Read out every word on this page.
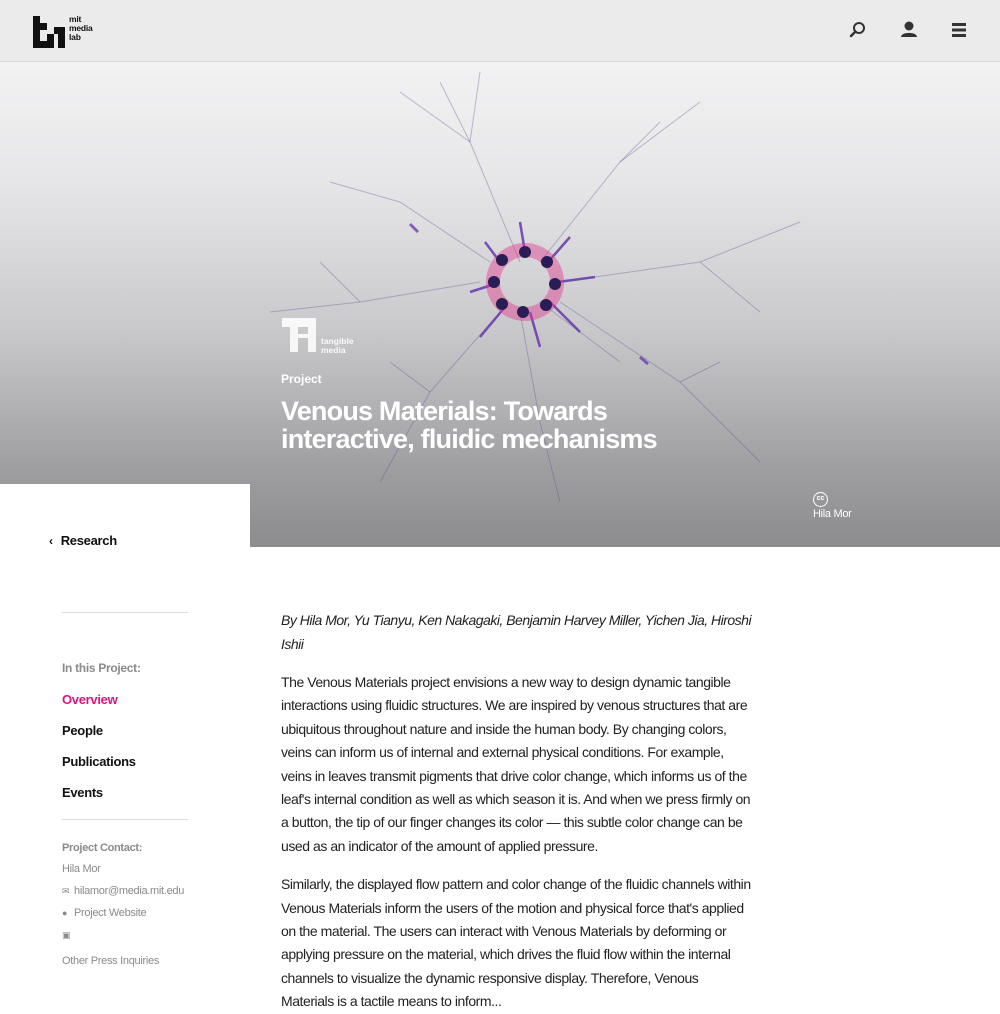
mit media lab
tangible media
Project
Venous Materials: Towards interactive, fluidic mechanisms
cc
Hila Mor
‹ Research
In this Project:
Overview
People
Publications
Events
Project Contact:
Hila Mor
✉ hilamor@media.mit.edu
● Project Website
▣
Other Press Inquiries
By Hila Mor, Yu Tianyu, Ken Nakagaki, Benjamin Harvey Miller, Yichen Jia, Hiroshi Ishii
The Venous Materials project envisions a new way to design dynamic tangible interactions using fluidic structures. We are inspired by venous structures that are ubiquitous throughout nature and inside the human body. By changing colors, veins can inform us of internal and external physical conditions. For example, veins in leaves transmit pigments that drive color change, which informs us of the leaf's internal condition as well as which season it is. And when we press firmly on a button, the tip of our finger changes its color — this subtle color change can be used as an indicator of the amount of applied pressure.
Similarly, the displayed flow pattern and color change of the fluidic channels within Venous Materials inform the users of the motion and physical force that's applied on the material. The users can interact with Venous Materials by deforming or applying pressure on the material, which drives the fluid flow within the internal channels to visualize the dynamic responsive display. Therefore, Venous Materials is a tactile means to inform...
